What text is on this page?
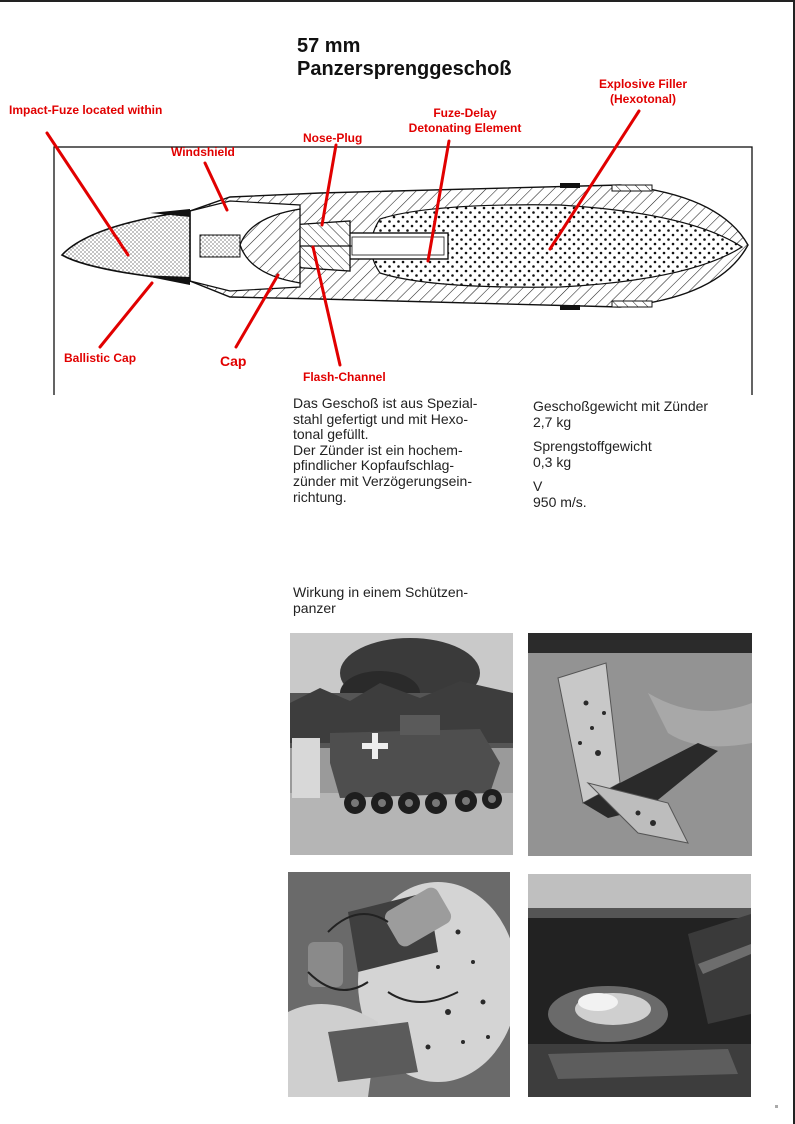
57 mm
Panzersprenggeschoß
Impact-Fuze located within
Windshield
Nose-Plug
Fuze-Delay
Detonating Element
Explosive Filler
(Hexotonal)
Ballistic Cap	Cap
Flash-Channel

Das Geschoß ist aus Spezial-
stahl gefertigt und mit Hexo-
tonal gefüllt.

Der Zünder ist ein hochem-
pfindlicher Kopfaufschlag-
zünder mit Verzögerungsein-
richtung.

Geschoßgewicht mit Zünder
2,7 kg
Sprengstoffgewicht
0,3 kg
V
950 m/s.
Wirkung in einem Schützen-
panzer
